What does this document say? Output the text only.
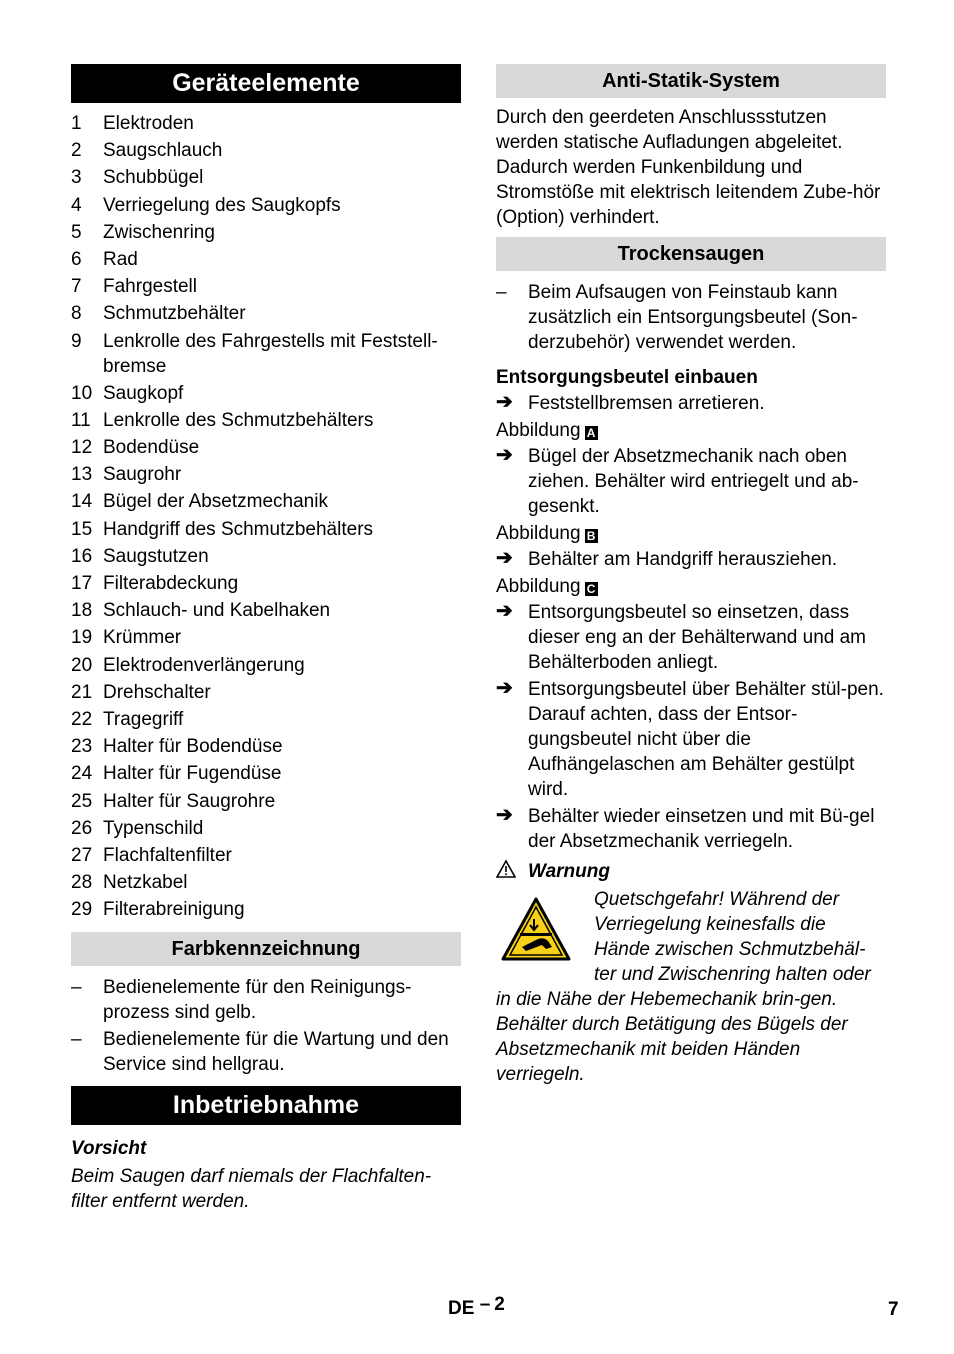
Geräteelemente
1 Elektroden
2 Saugschlauch
3 Schubbügel
4 Verriegelung des Saugkopfs
5 Zwischenring
6 Rad
7 Fahrgestell
8 Schmutzbehälter
9 Lenkrolle des Fahrgestells mit Feststell-bremse
10 Saugkopf
11 Lenkrolle des Schmutzbehälters
12 Bodendüse
13 Saugrohr
14 Bügel der Absetzmechanik
15 Handgriff des Schmutzbehälters
16 Saugstutzen
17 Filterabdeckung
18 Schlauch- und Kabelhaken
19 Krümmer
20 Elektrodenverlängerung
21 Drehschalter
22 Tragegriff
23 Halter für Bodendüse
24 Halter für Fugendüse
25 Halter für Saugrohre
26 Typenschild
27 Flachfaltenfilter
28 Netzkabel
29 Filterabreinigung
Farbkennzeichnung
– Bedienelemente für den Reinigungs-prozess sind gelb.
– Bedienelemente für die Wartung und den Service sind hellgrau.
Inbetriebnahme
Vorsicht
Beim Saugen darf niemals der Flachfalten-filter entfernt werden.
Anti-Statik-System
Durch den geerdeten Anschlussstutzen werden statische Aufladungen abgeleitet. Dadurch werden Funkenbildung und Stromstöße mit elektrisch leitendem Zube-hör (Option) verhindert.
Trockensaugen
– Beim Aufsaugen von Feinstaub kann zusätzlich ein Entsorgungsbeutel (Son-derzubehör) verwendet werden.
Entsorgungsbeutel einbauen
➔ Feststellbremsen arretieren.
Abbildung A
➔ Bügel der Absetzmechanik nach oben ziehen. Behälter wird entriegelt und ab-gesenkt.
Abbildung B
➔ Behälter am Handgriff herausziehen.
Abbildung C
➔ Entsorgungsbeutel so einsetzen, dass dieser eng an der Behälterwand und am Behälterboden anliegt.
➔ Entsorgungsbeutel über Behälter stül-pen. Darauf achten, dass der Entsor-gungsbeutel nicht über die Aufhängelaschen am Behälter gestülpt wird.
➔ Behälter wieder einsetzen und mit Bü-gel der Absetzmechanik verriegeln.
Warnung
Quetschgefahr! Während der Verriegelung keinesfalls die Hände zwischen Schmutzbehäl-ter und Zwischenring halten oder in die Nähe der Hebemechanik brin-gen. Behälter durch Betätigung des Bügels der Absetzmechanik mit beiden Händen verriegeln.
DE – 2	7
